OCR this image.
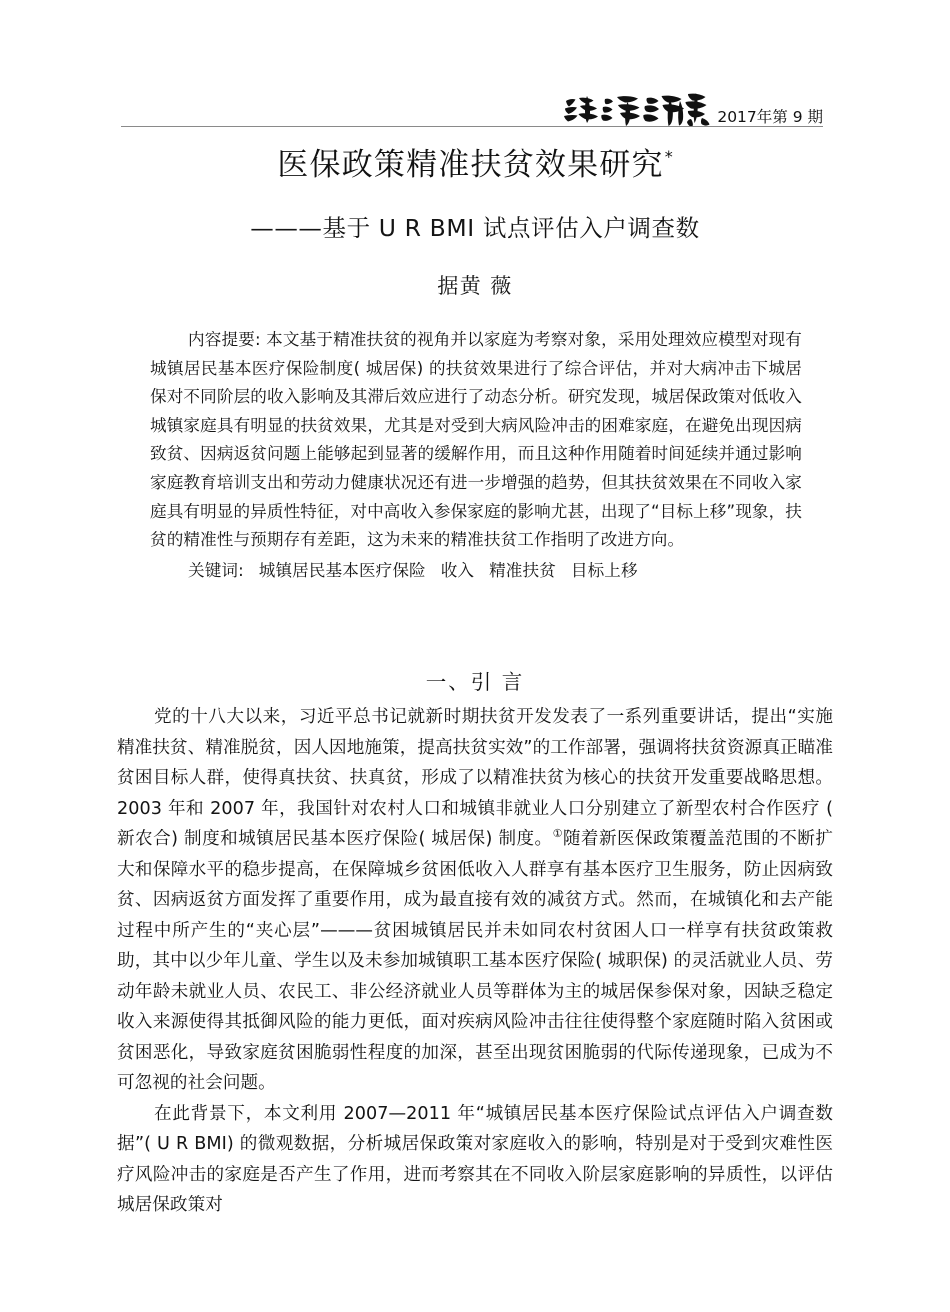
2017年第 9 期
医保政策精准扶贫效果研究*

———基于 U R BMI 试点评估入户调查数

据黄 薇

内容提要: 本文基于精准扶贫的视角并以家庭为考察对象，采用处理效应模型对现有城镇居民基本医疗保险制度( 城居保) 的扶贫效果进行了综合评估，并对大病冲击下城居保对不同阶层的收入影响及其滞后效应进行了动态分析。研究发现，城居保政策对低收入城镇家庭具有明显的扶贫效果，尤其是对受到大病风险冲击的困难家庭，在避免出现因病致贫、因病返贫问题上能够起到显著的缓解作用，而且这种作用随着时间延续并通过影响家庭教育培训支出和劳动力健康状况还有进一步增强的趋势，但其扶贫效果在不同收入家庭具有明显的异质性特征，对中高收入参保家庭的影响尤甚，出现了“目标上移”现象，扶贫的精准性与预期存有差距，这为未来的精准扶贫工作指明了改进方向。

关键词: 城镇居民基本医疗保险 收入 精准扶贫 目标上移

一、引 言

党的十八大以来，习近平总书记就新时期扶贫开发发表了一系列重要讲话，提出“实施精准扶贫、精准脱贫，因人因地施策，提高扶贫实效”的工作部署，强调将扶贫资源真正瞄准贫困目标人群，使得真扶贫、扶真贫，形成了以精准扶贫为核心的扶贫开发重要战略思想。2003 年和 2007 年，我国针对农村人口和城镇非就业人口分别建立了新型农村合作医疗 ( 新农合) 制度和城镇居民基本医疗保险( 城居保) 制度。①随着新医保政策覆盖范围的不断扩大和保障水平的稳步提高，在保障城乡贫困低收入人群享有基本医疗卫生服务，防止因病致贫、因病返贫方面发挥了重要作用，成为最直接有效的减贫方式。然而，在城镇化和去产能过程中所产生的“夹心层”———贫困城镇居民并未如同农村贫困人口一样享有扶贫政策救助，其中以少年儿童、学生以及未参加城镇职工基本医疗保险( 城职保) 的灵活就业人员、劳动年龄未就业人员、农民工、非公经济就业人员等群体为主的城居保参保对象，因缺乏稳定收入来源使得其抵御风险的能力更低，面对疾病风险冲击往往使得整个家庭随时陷入贫困或贫困恶化，导致家庭贫困脆弱性程度的加深，甚至出现贫困脆弱的代际传递现象，已成为不可忽视的社会问题。

在此背景下，本文利用 2007—2011 年“城镇居民基本医疗保险试点评估入户调查数据”( U R BMI) 的微观数据，分析城居保政策对家庭收入的影响，特别是对于受到灾难性医疗风险冲击的家庭是否产生了作用，进而考察其在不同收入阶层家庭影响的异质性，以评估城居保政策对
